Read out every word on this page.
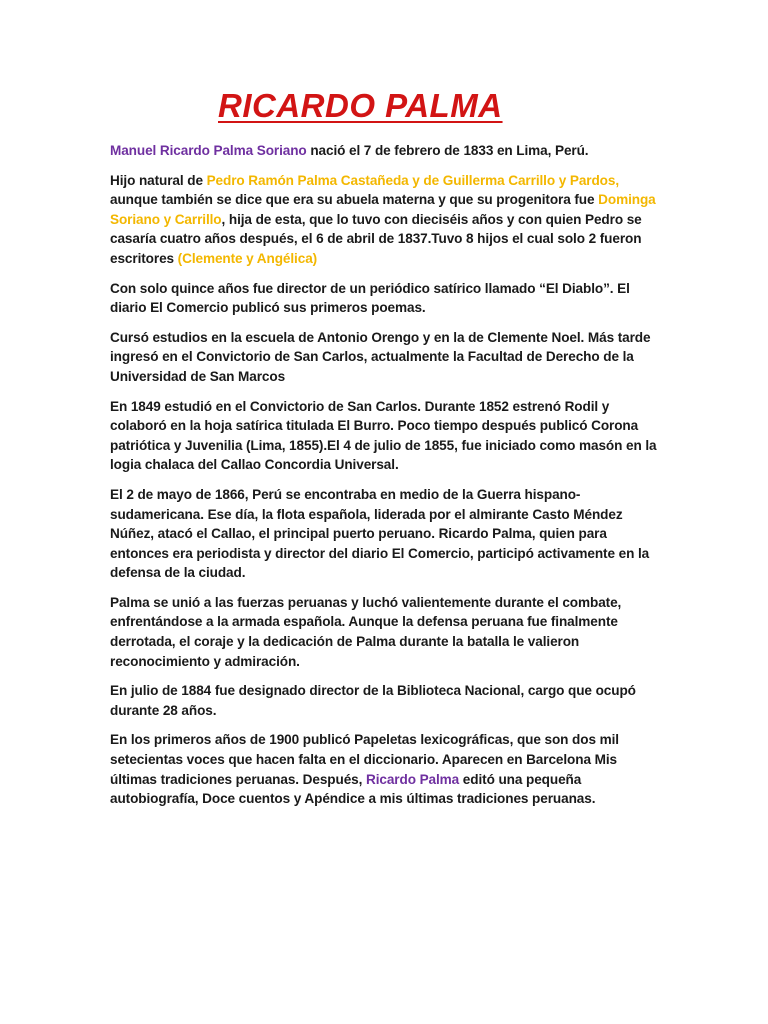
RICARDO PALMA

Manuel Ricardo Palma Soriano nació el 7 de febrero de 1833 en Lima, Perú.

Hijo natural de Pedro Ramón Palma Castañeda y de Guillerma Carrillo y Pardos, aunque también se dice que era su abuela materna y que su progenitora fue Dominga Soriano y Carrillo, hija de esta, que lo tuvo con dieciséis años y con quien Pedro se casaría cuatro años después, el 6 de abril de 1837.Tuvo 8 hijos el cual solo 2 fueron escritores (Clemente y Angélica)

Con solo quince años fue director de un periódico satírico llamado “El Diablo”. El diario El Comercio publicó sus primeros poemas.

Cursó estudios en la escuela de Antonio Orengo y en la de Clemente Noel. Más tarde ingresó en el Convictorio de San Carlos, actualmente la Facultad de Derecho de la Universidad de San Marcos

En 1849 estudió en el Convictorio de San Carlos. Durante 1852 estrenó Rodil y colaboró en la hoja satírica titulada El Burro. Poco tiempo después publicó Corona patriótica y Juvenilia (Lima, 1855).El 4 de julio de 1855, fue iniciado como masón en la logia chalaca del Callao Concordia Universal.

El 2 de mayo de 1866, Perú se encontraba en medio de la Guerra hispano-sudamericana. Ese día, la flota española, liderada por el almirante Casto Méndez Núñez, atacó el Callao, el principal puerto peruano. Ricardo Palma, quien para entonces era periodista y director del diario El Comercio, participó activamente en la defensa de la ciudad.

Palma se unió a las fuerzas peruanas y luchó valientemente durante el combate, enfrentándose a la armada española. Aunque la defensa peruana fue finalmente derrotada, el coraje y la dedicación de Palma durante la batalla le valieron reconocimiento y admiración.

En julio de 1884 fue designado director de la Biblioteca Nacional, cargo que ocupó durante 28 años.

En los primeros años de 1900 publicó Papeletas lexicográficas, que son dos mil setecientas voces que hacen falta en el diccionario. Aparecen en Barcelona Mis últimas tradiciones peruanas. Después, Ricardo Palma editó una pequeña autobiografía, Doce cuentos y Apéndice a mis últimas tradiciones peruanas.
